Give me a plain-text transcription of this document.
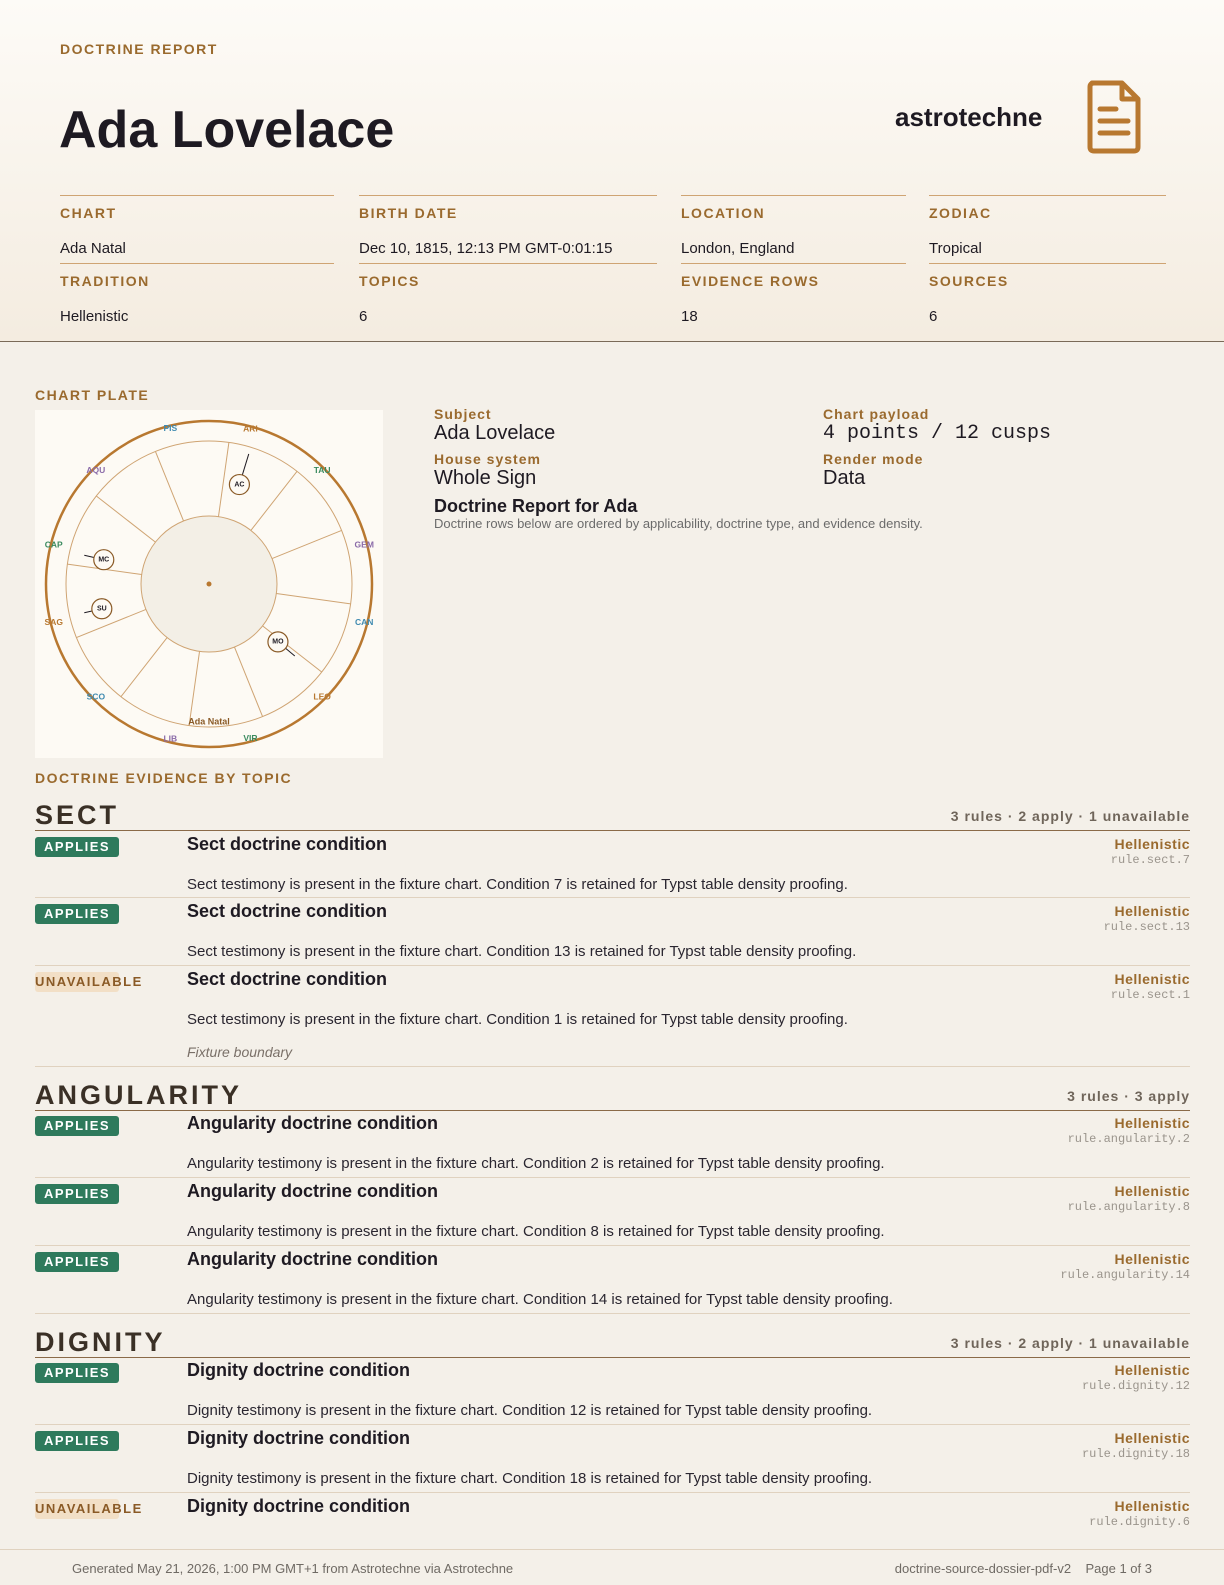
DOCTRINE REPORT
Ada Lovelace	astrotechne
CHART
Ada Natal
BIRTH DATE
Dec 10, 1815, 12:13 PM GMT-0:01:15
LOCATION
London, England
ZODIAC
Tropical
TRADITION
Hellenistic
TOPICS
6
EVIDENCE ROWS
18
SOURCES
6
CHART PLATE
Ada Natal
PIS	ARI
TAU
GEM
CAN
LEO
VIR
LIB
SCO
SAG
CAP
AQU
AC
MC
SU
MO
Subject
Ada Lovelace
Chart payload
4 points / 12 cusps
House system
Whole Sign
Render mode
Data
Doctrine Report for Ada
Doctrine rows below are ordered by applicability, doctrine type, and evidence density.
DOCTRINE EVIDENCE BY TOPIC
SECT	3 rules · 2 apply · 1 unavailable
APPLIES	Sect doctrine condition	Hellenistic
rule.sect.7
Sect testimony is present in the fixture chart. Condition 7 is retained for Typst table density proofing.
APPLIES	Sect doctrine condition	Hellenistic
rule.sect.13
Sect testimony is present in the fixture chart. Condition 13 is retained for Typst table density proofing.
UNAVAILABLE Sect doctrine condition	Hellenistic
rule.sect.1
Sect testimony is present in the fixture chart. Condition 1 is retained for Typst table density proofing.
Fixture boundary
ANGULARITY	3 rules · 3 apply
APPLIES	Angularity doctrine condition	Hellenistic
rule.angularity.2
Angularity testimony is present in the fixture chart. Condition 2 is retained for Typst table density proofing.
APPLIES	Angularity doctrine condition	Hellenistic
rule.angularity.8
Angularity testimony is present in the fixture chart. Condition 8 is retained for Typst table density proofing.
APPLIES	Angularity doctrine condition	Hellenistic
rule.angularity.14
Angularity testimony is present in the fixture chart. Condition 14 is retained for Typst table density proofing.
DIGNITY	3 rules · 2 apply · 1 unavailable
APPLIES	Dignity doctrine condition	Hellenistic
rule.dignity.12
Dignity testimony is present in the fixture chart. Condition 12 is retained for Typst table density proofing.
APPLIES	Dignity doctrine condition	Hellenistic
rule.dignity.18
Dignity testimony is present in the fixture chart. Condition 18 is retained for Typst table density proofing.
UNAVAILABLE Dignity doctrine condition	Hellenistic
rule.dignity.6
Generated May 21, 2026, 1:00 PM GMT+1 from Astrotechne via Astrotechne	doctrine-source-dossier-pdf-v2    Page 1 of 3
